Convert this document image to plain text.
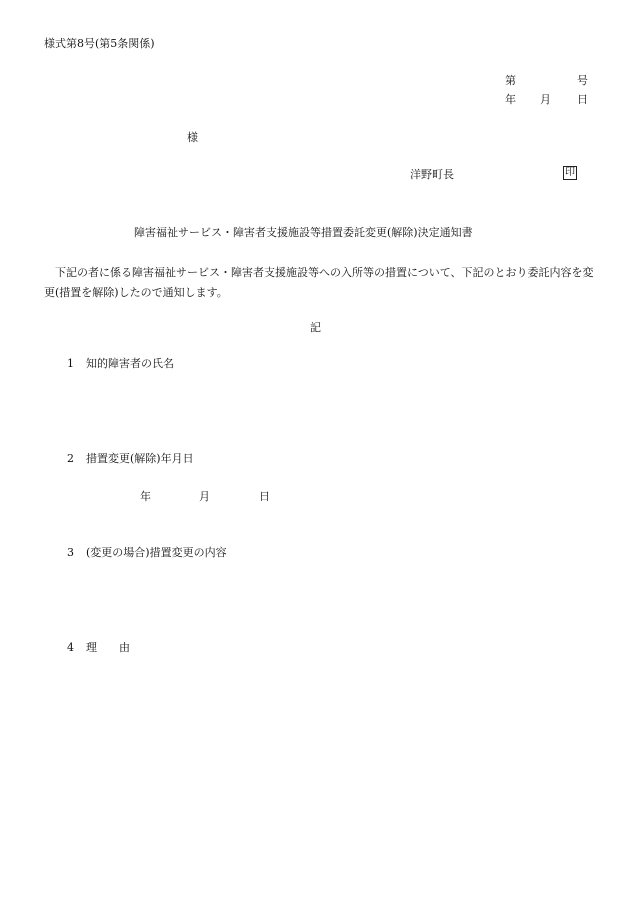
様式第8号(第5条関係)
第	号
年 月 日
様
洋野町長	印
障害福祉サービス・障害者支援施設等措置委託変更(解除)決定通知書
下記の者に係る障害福祉サービス・障害者支援施設等への入所等の措置について、下記のとおり委託内容を変更(措置を解除)したので通知します。
記
1 知的障害者の氏名
2 措置変更(解除)年月日
年	月	日
3 (変更の場合)措置変更の内容
4 理　　由
